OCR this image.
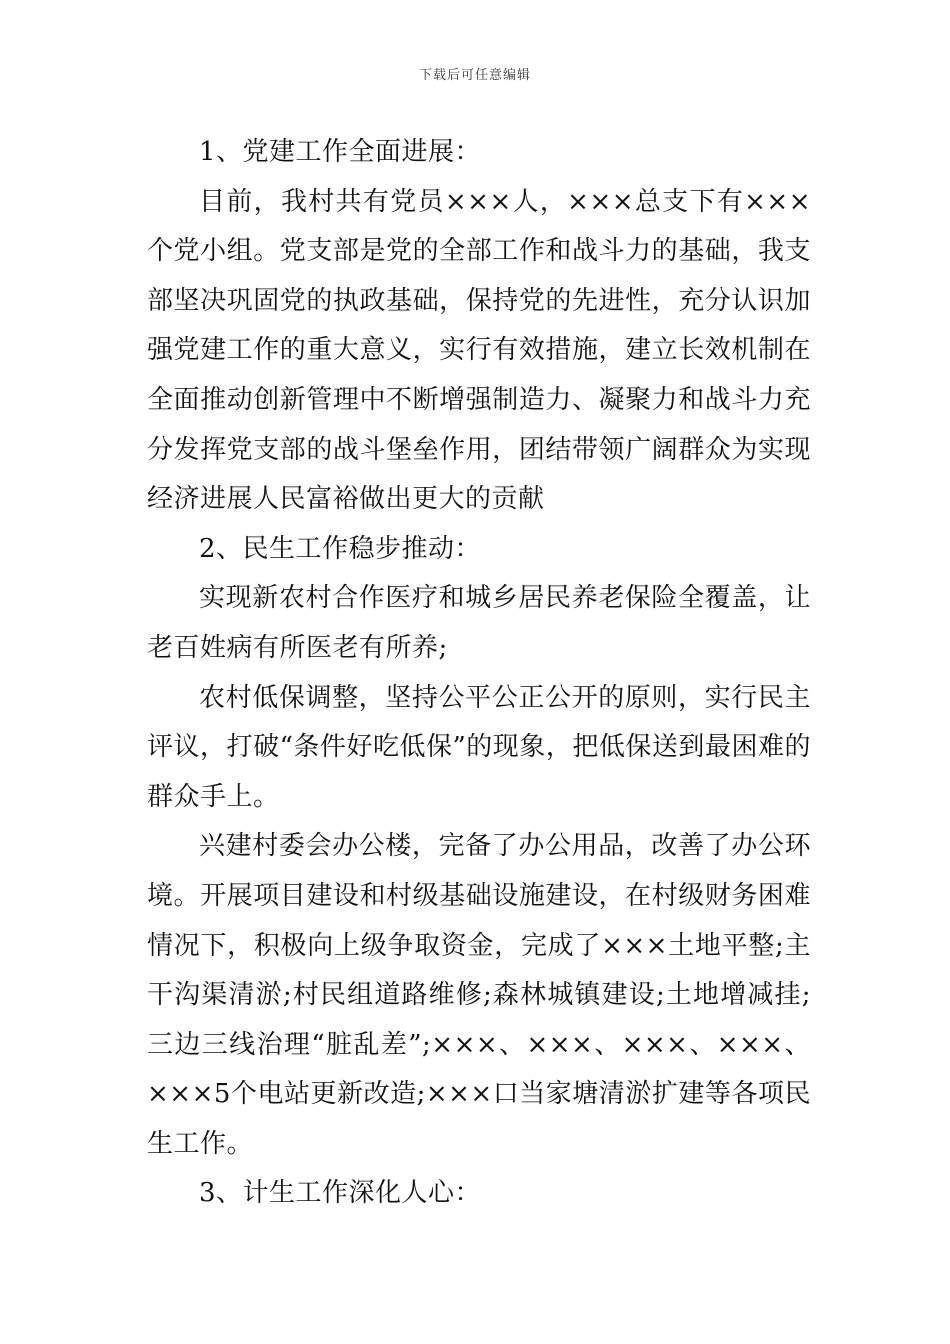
下载后可任意编辑

1、党建工作全面进展：

目前，我村共有党员×××人，×××总支下有×××个党小组。党支部是党的全部工作和战斗力的基础，我支部坚决巩固党的执政基础，保持党的先进性，充分认识加强党建工作的重大意义，实行有效措施，建立长效机制在全面推动创新管理中不断增强制造力、凝聚力和战斗力充分发挥党支部的战斗堡垒作用，团结带领广阔群众为实现经济进展人民富裕做出更大的贡献

2、民生工作稳步推动：

实现新农村合作医疗和城乡居民养老保险全覆盖，让老百姓病有所医老有所养;

农村低保调整，坚持公平公正公开的原则，实行民主评议，打破“条件好吃低保”的现象，把低保送到最困难的群众手上。

兴建村委会办公楼，完备了办公用品，改善了办公环境。开展项目建设和村级基础设施建设，在村级财务困难情况下，积极向上级争取资金，完成了×××土地平整;主干沟渠清淤;村民组道路维修;森林城镇建设;土地增减挂;三边三线治理“脏乱差”;×××、×××、×××、×××、×××5个电站更新改造;×××口当家塘清淤扩建等各项民生工作。

3、计生工作深化人心：
